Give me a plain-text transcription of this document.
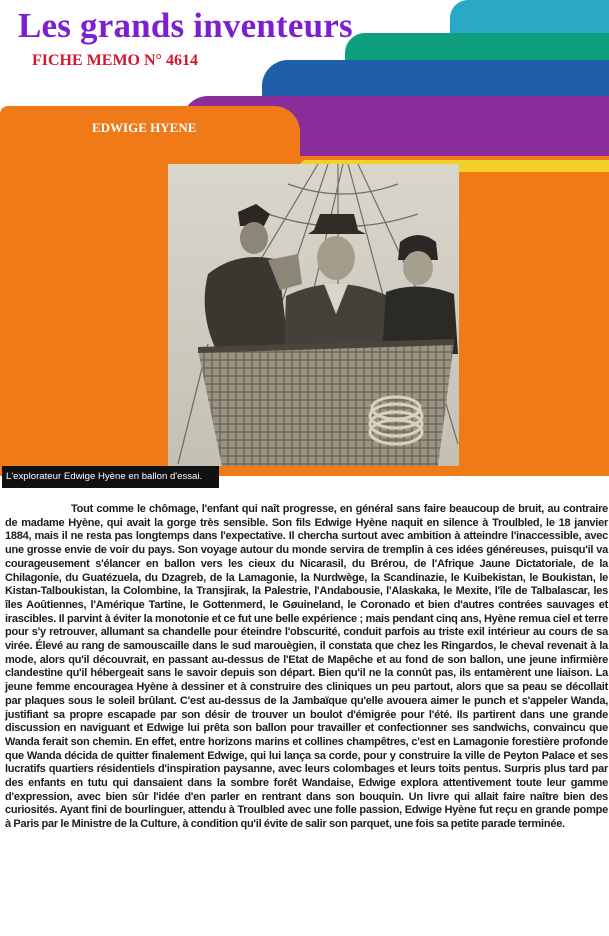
Les grands inventeurs
FICHE MEMO N° 4614
EDWIGE HYENE
L'explorateur Edwige Hyène en ballon d'essai.

Tout comme le chômage, l'enfant qui naît progresse, en général sans faire beaucoup de bruit, au contraire de madame Hyène, qui avait la gorge très sensible. Son fils Edwige Hyène naquit en silence à Troulbled, le 18 janvier 1884, mais il ne resta pas longtemps dans l'expectative. Il chercha surtout avec ambition à atteindre l'inaccessible, avec une grosse envie de voir du pays. Son voyage autour du monde servira de tremplin à ces idées généreuses, puisqu'il va courageusement s'élancer en ballon vers les cieux du Nicarasil, du Brérou, de l'Afrique Jaune Dictatoriale, de la Chilagonie, du Guatézuela, du Dzagreb, de la Lamagonie, la Nurdwège, la Scandinazie, le Kuibekistan, le Boukistan, le Kistan-Talboukistan, la Colombine, la Transjirak, la Palestrie, l'Andabousie, l'Alaskaka, le Mexite, l'île de Talbalascar, les îles Aoûtiennes, l'Amérique Tartine, le Gottenmerd, le Gøuineland, le Coronado et bien d'autres contrées sauvages et irascibles. Il parvint à éviter la monotonie et ce fut une belle expérience ; mais pendant cinq ans, Hyène remua ciel et terre pour s'y retrouver, allumant sa chandelle pour éteindre l'obscurité, conduit parfois au triste exil intérieur au cours de sa virée. Élevé au rang de samouscaille dans le sud marouègien, il constata que chez les Ringardos, le cheval revenait à la mode, alors qu'il découvrait, en passant au-dessus de l'Etat de Mapêche et au fond de son ballon, une jeune infirmière clandestine qu'il hébergeait sans le savoir depuis son départ. Bien qu'il ne la connût pas, ils entamèrent une liaison. La jeune femme encouragea Hyène à dessiner et à construire des cliniques un peu partout, alors que sa peau se décollait par plaques sous le soleil brûlant. C'est au-dessus de la Jambaïque qu'elle avouera aimer le punch et s'appeler Wanda, justifiant sa propre escapade par son désir de trouver un boulot d'émigrée pour l'été. Ils partirent dans une grande discussion en naviguant et Edwige lui prêta son ballon pour travailler et confectionner ses sandwichs, convaincu que Wanda ferait son chemin. En effet, entre horizons marins et collines champêtres, c'est en Lamagonie forestière profonde que Wanda décida de quitter finalement Edwige, qui lui lança sa corde, pour y construire la ville de Peyton Palace et ses lucratifs quartiers résidentiels d'inspiration paysanne, avec leurs colombages et leurs toits pentus. Surpris plus tard par des enfants en tutu qui dansaient dans la sombre forêt Wandaise, Edwige explora attentivement toute leur gamme d'expression, avec bien sûr l'idée d'en parler en rentrant dans son bouquin. Un livre qui allait faire naître bien des curiosités. Ayant fini de bourlinguer, attendu à Troulbled avec une folle passion, Edwige Hyène fut reçu en grande pompe à Paris par le Ministre de la Culture, à condition qu'il évite de salir son parquet, une fois sa petite parade terminée.
